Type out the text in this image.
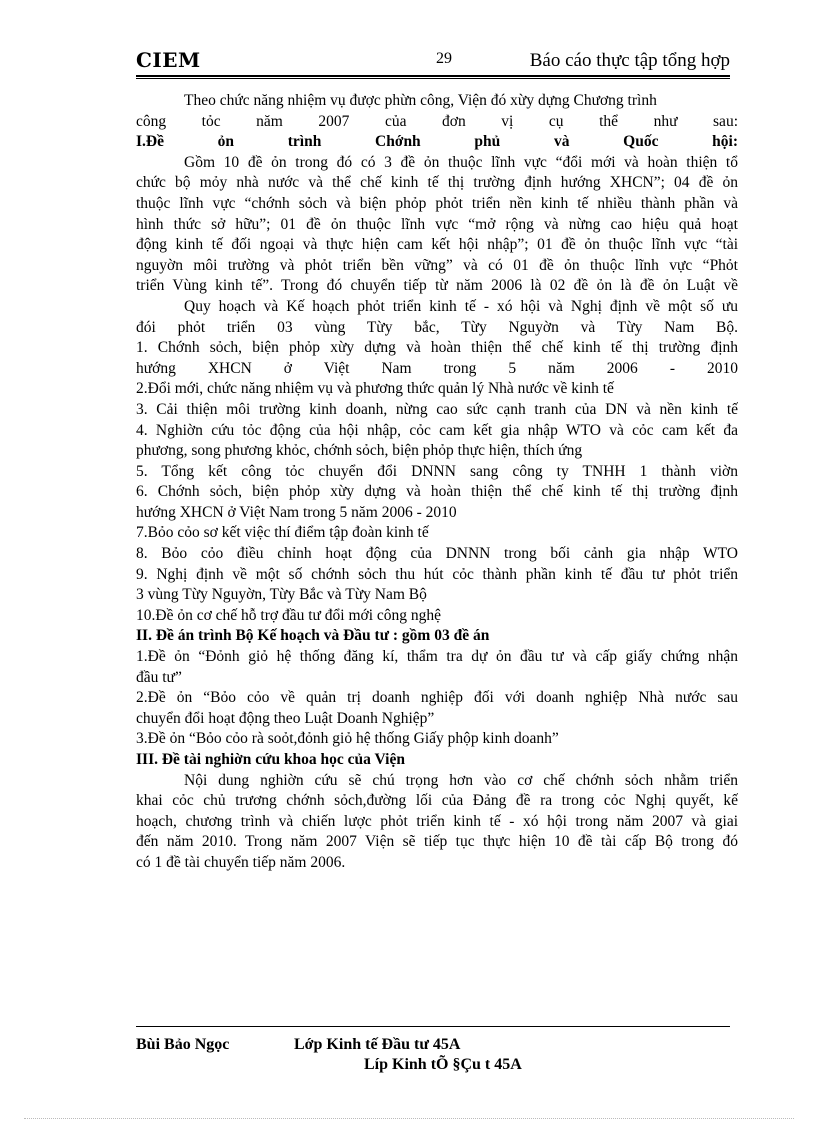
CIEM	29	Báo cáo thực tập tổng hợp
Theo chức năng nhiệm vụ được phừn công, Viện đó xừy dựng Chương trình
công tỏc năm 2007 của đơn vị cụ thể như sau:
I.Đề ỏn trình Chớnh phủ và Quốc hội:
Gồm 10 đề ỏn trong đó có 3 đề ỏn thuộc lĩnh vực “đổi mới và hoàn thiện tổ
chức bộ mỏy nhà nước và thể chế kinh tế thị trường định hướng XHCN”; 04 đề ỏn
thuộc lĩnh vực “chớnh sỏch và biện phỏp phỏt triển nền kinh tế nhiều thành phần và
hình thức sở hữu”; 01 đề ỏn thuộc lĩnh vực “mở rộng và nừng cao hiệu quả hoạt
động kinh tế đối ngoại và thực hiện cam kết hội nhập”; 01 đề ỏn thuộc lĩnh vực “tài
nguyờn môi trường và phỏt triển bền vững” và có 01 đề ỏn thuộc lĩnh vực “Phỏt
triển Vùng kinh tế”. Trong đó chuyển tiếp từ năm 2006 là 02 đề ỏn là đề ỏn Luật về
Quy hoạch và Kế hoạch phỏt triển kinh tế - xó hội và Nghị định về một số ưu
đói phỏt triển 03 vùng Từy bắc, Từy Nguyờn và Từy Nam Bộ.
1. Chớnh sỏch, biện phỏp xừy dựng và hoàn thiện thể chế kinh tế thị trường định
hướng XHCN ở Việt Nam trong 5 năm 2006 - 2010
2.Đổi mới, chức năng nhiệm vụ và phương thức quản lý Nhà nước về kinh tế
3. Cải thiện môi trường kinh doanh, nừng cao sức cạnh tranh của DN và nền kinh tế
4. Nghiờn cứu tỏc động của hội nhập, cỏc cam kết gia nhập WTO và cỏc cam kết đa
phương, song phương khỏc, chớnh sỏch, biện phỏp thực hiện, thích ứng
5. Tổng kết công tỏc chuyển đổi DNNN sang công ty TNHH 1 thành viờn
6. Chớnh sỏch, biện phỏp xừy dựng và hoàn thiện thể chế kinh tế thị trường định
hướng XHCN ở Việt Nam trong 5 năm 2006 - 2010
7.Bỏo cỏo sơ kết việc thí điểm tập đoàn kinh tế
8. Bỏo cỏo điều chỉnh hoạt động của DNNN trong bối cảnh gia nhập WTO
9. Nghị định về một số chớnh sỏch thu hút cỏc thành phần kinh tế đầu tư phỏt triển
3 vùng Từy Nguyờn, Từy Bắc và Từy Nam Bộ
10.Đề ỏn cơ chế hỗ trợ đầu tư đổi mới công nghệ
II. Đề án trình Bộ Kế hoạch và Đầu tư : gồm 03 đề án
1.Đề ỏn “Đỏnh giỏ hệ thống đăng kí, thẩm tra dự ỏn đầu tư và cấp giấy chứng nhận
đầu tư”
2.Đề ỏn “Bỏo cỏo về quản trị doanh nghiệp đối với doanh nghiệp Nhà nước sau
chuyển đổi hoạt động theo Luật Doanh Nghiệp”
3.Đề ỏn “Bỏo cỏo rà soỏt,đỏnh giỏ hệ thống Giấy phộp kinh doanh”
III. Đề tài nghiờn cứu khoa học của Viện
Nội dung nghiờn cứu sẽ chú trọng hơn vào cơ chế chớnh sỏch nhằm triển
khai cỏc chủ trương chớnh sỏch,đường lối của Đảng đề ra trong cỏc Nghị quyết, kế
hoạch, chương trình và chiến lược phỏt triển kinh tế - xó hội trong năm 2007 và giai
đến năm 2010. Trong năm 2007 Viện sẽ tiếp tục thực hiện 10 đề tài cấp Bộ trong đó
có 1 đề tài chuyển tiếp năm 2006.
Bùi Bảo Ngọc	Lớp Kinh tế Đầu tư 45A
Líp Kinh tÕ §Çu t 45A
